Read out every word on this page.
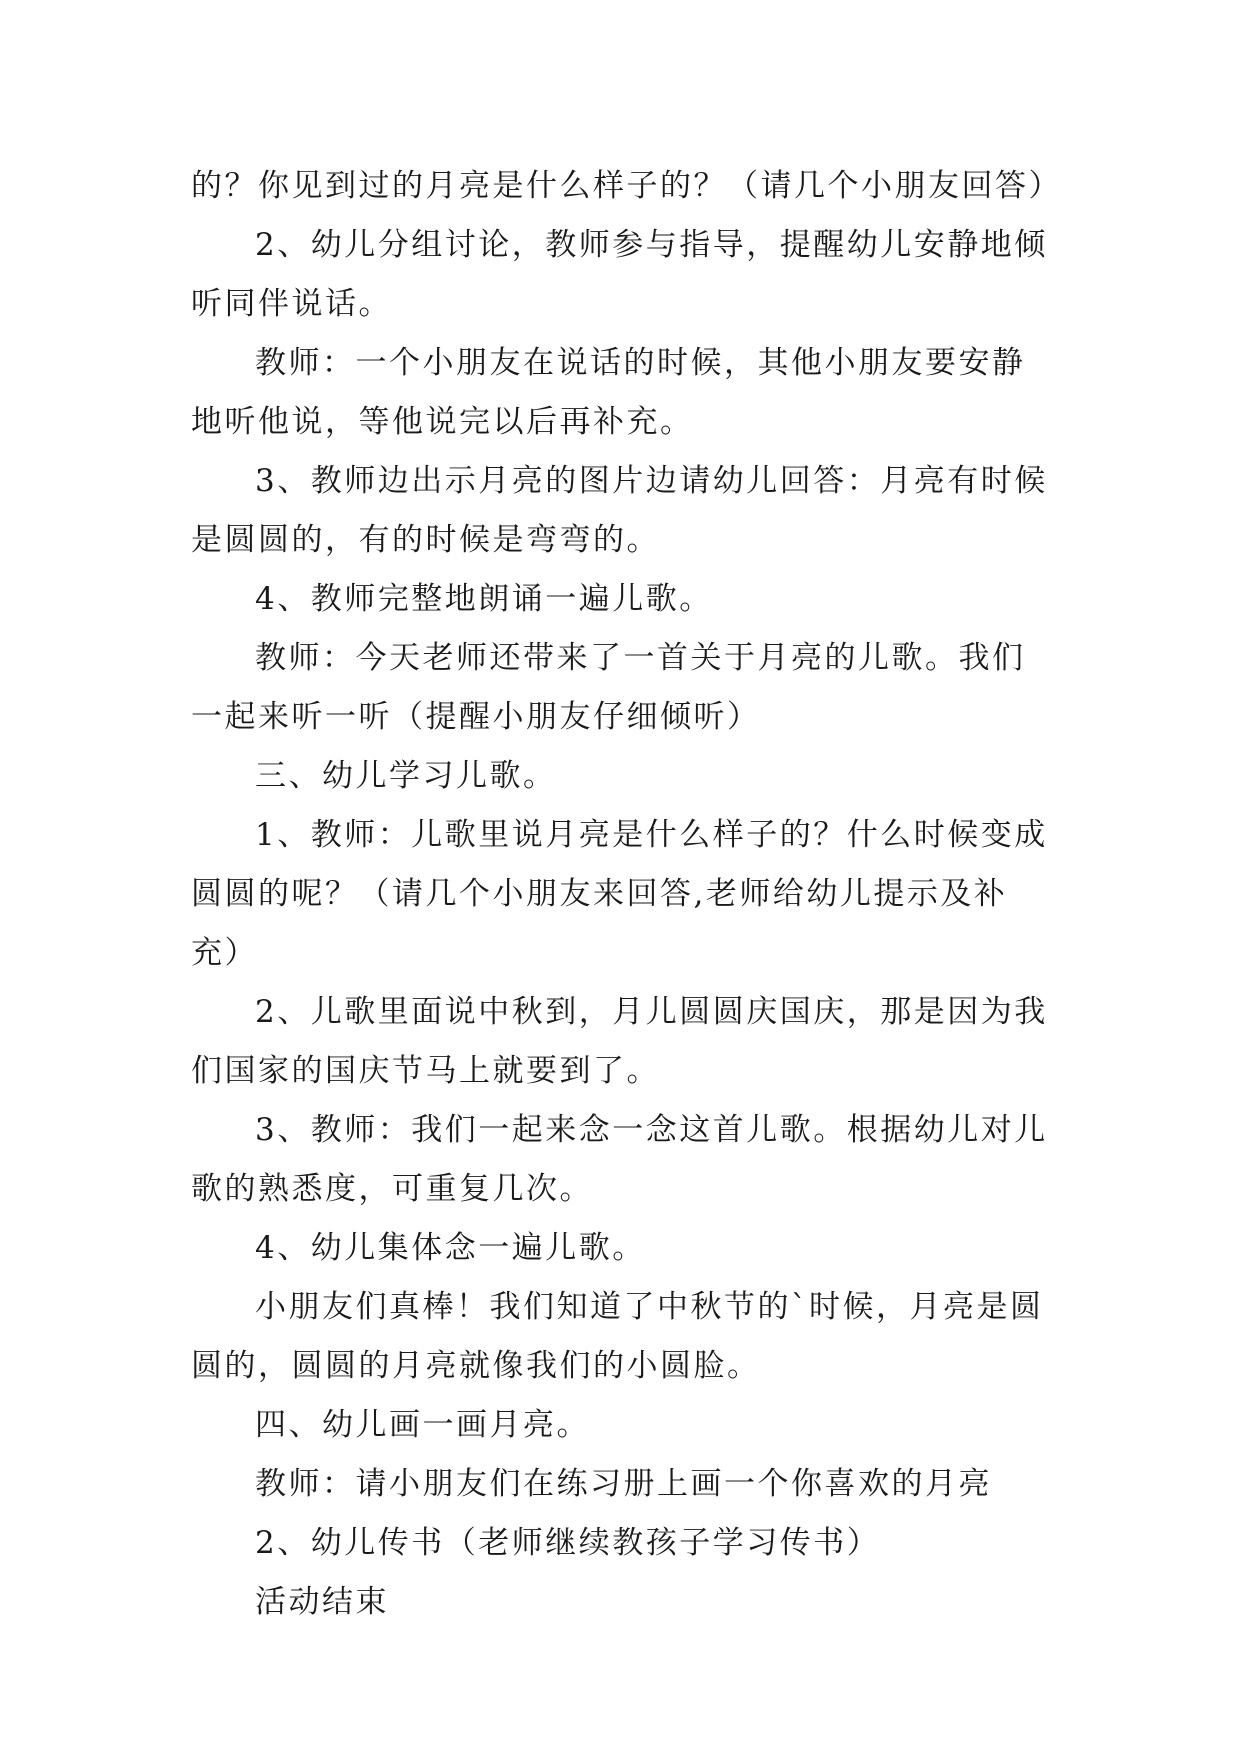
的？你见到过的月亮是什么样子的？（请几个小朋友回答）

2、幼儿分组讨论，教师参与指导，提醒幼儿安静地倾听同伴说话。

教师：一个小朋友在说话的时候，其他小朋友要安静地听他说，等他说完以后再补充。

3、教师边出示月亮的图片边请幼儿回答：月亮有时候是圆圆的，有的时候是弯弯的。

4、教师完整地朗诵一遍儿歌。

教师：今天老师还带来了一首关于月亮的儿歌。我们一起来听一听（提醒小朋友仔细倾听）

三、幼儿学习儿歌。

1、教师：儿歌里说月亮是什么样子的？什么时候变成圆圆的呢？（请几个小朋友来回答,老师给幼儿提示及补充）

2、儿歌里面说中秋到，月儿圆圆庆国庆，那是因为我们国家的国庆节马上就要到了。

3、教师：我们一起来念一念这首儿歌。根据幼儿对儿歌的熟悉度，可重复几次。

4、幼儿集体念一遍儿歌。

小朋友们真棒！我们知道了中秋节的`时候，月亮是圆圆的，圆圆的月亮就像我们的小圆脸。

四、幼儿画一画月亮。

教师：请小朋友们在练习册上画一个你喜欢的月亮

2、幼儿传书（老师继续教孩子学习传书）

活动结束
